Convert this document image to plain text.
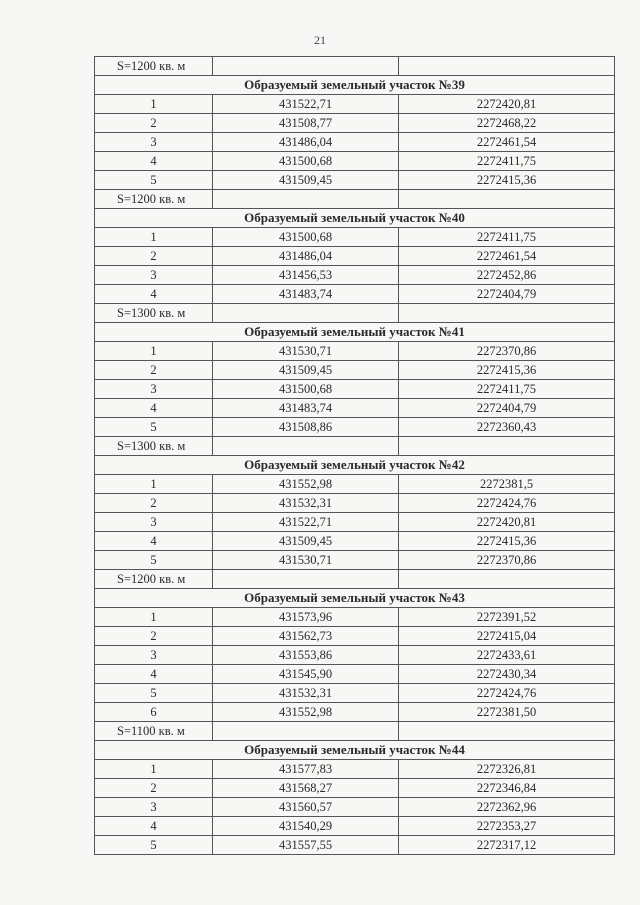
21
S=1200 кв. м		
Образуемый земельный участок №39		
1	431522,71	2272420,81
2	431508,77	2272468,22
3	431486,04	2272461,54
4	431500,68	2272411,75
5	431509,45	2272415,36
S=1200 кв. м		
Образуемый земельный участок №40		
1	431500,68	2272411,75
2	431486,04	2272461,54
3	431456,53	2272452,86
4	431483,74	2272404,79
S=1300 кв. м		
Образуемый земельный участок №41		
1	431530,71	2272370,86
2	431509,45	2272415,36
3	431500,68	2272411,75
4	431483,74	2272404,79
5	431508,86	2272360,43
S=1300 кв. м		
Образуемый земельный участок №42		
1	431552,98	2272381,5
2	431532,31	2272424,76
3	431522,71	2272420,81
4	431509,45	2272415,36
5	431530,71	2272370,86
S=1200 кв. м		
Образуемый земельный участок №43		
1	431573,96	2272391,52
2	431562,73	2272415,04
3	431553,86	2272433,61
4	431545,90	2272430,34
5	431532,31	2272424,76
6	431552,98	2272381,50
S=1100 кв. м		
Образуемый земельный участок №44		
1	431577,83	2272326,81
2	431568,27	2272346,84
3	431560,57	2272362,96
4	431540,29	2272353,27
5	431557,55	2272317,12
